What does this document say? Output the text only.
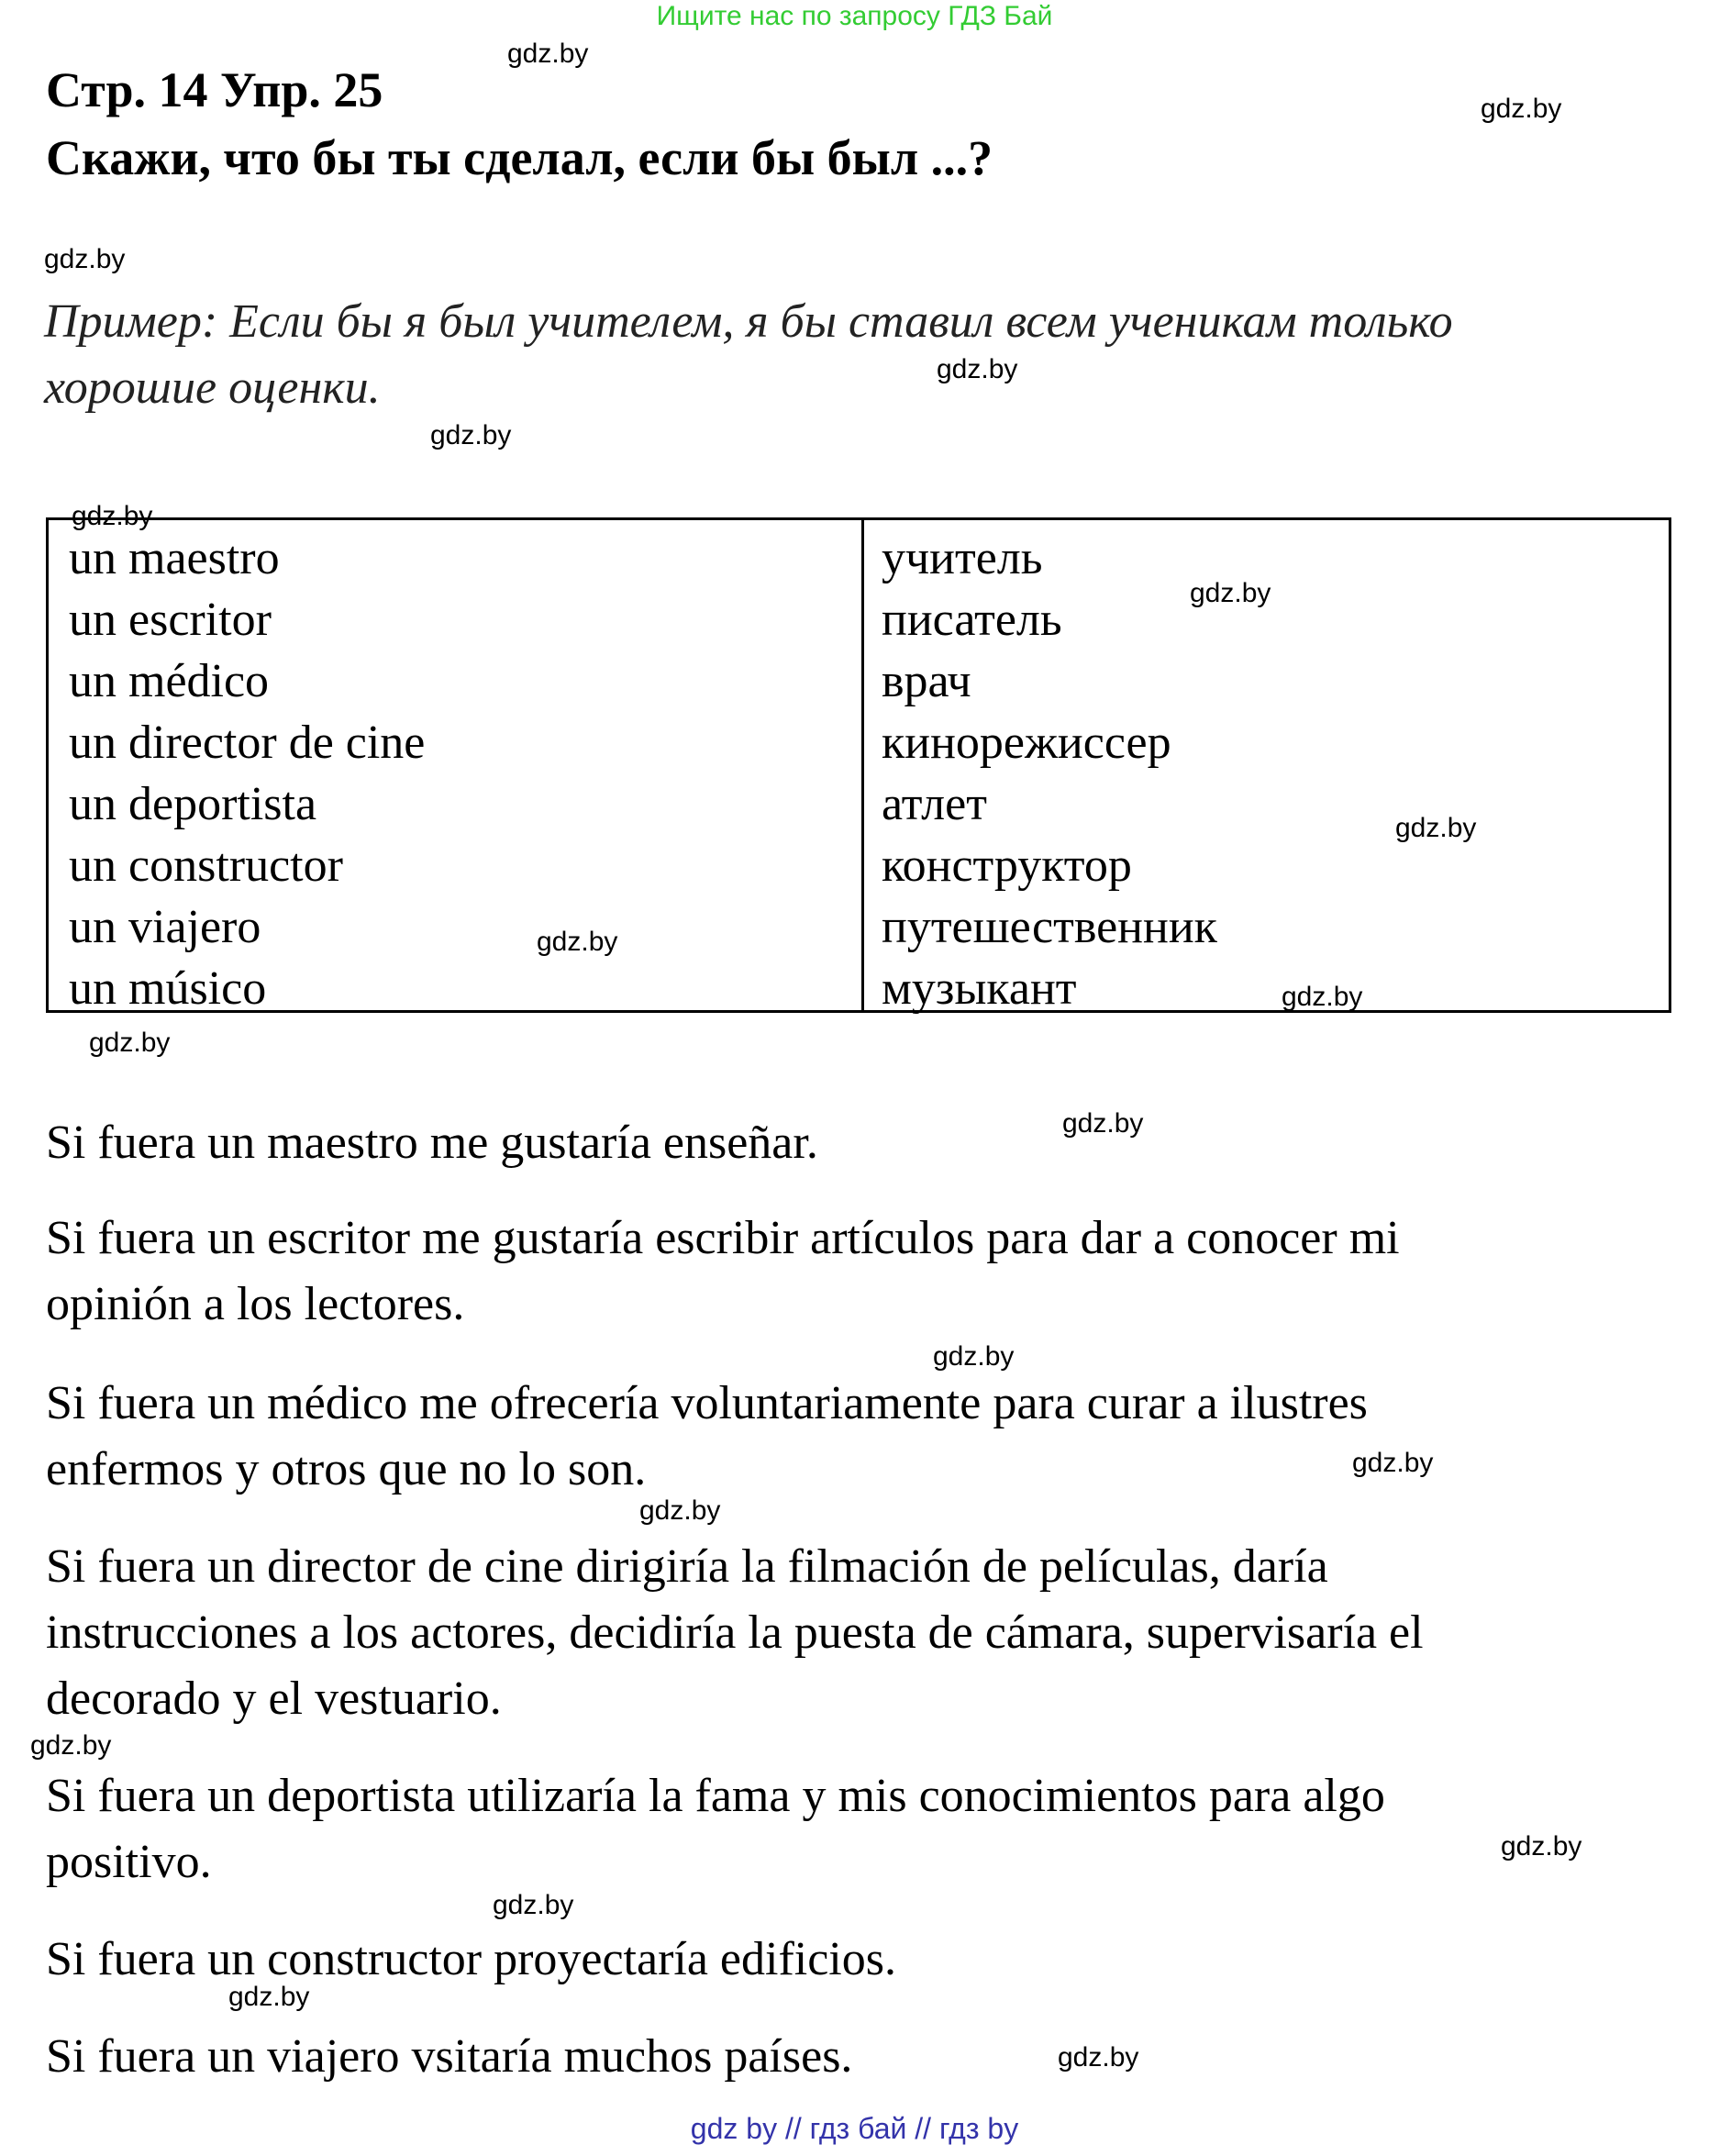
Ищите нас по запросу ГДЗ Бай
Стр. 14 Упр. 25
Скажи, что бы ты сделал, если бы был ...?
Пример: Если бы я был учителем, я бы ставил всем ученикам только
хорошие оценки.
un maestro
un escritor
un médico
un director de cine
un deportista
un constructor
un viajero
un músico
учитель
писатель
врач
кинорежиссер
атлет
конструктор
путешественник
музыкант
Si fuera un maestro me gustaría enseñar.
Si fuera un escritor me gustaría escribir artículos para dar a conocer mi
opinión a los lectores.
Si fuera un médico me ofrecería voluntariamente para curar a ilustres
enfermos y otros que no lo son.
Si fuera un director de cine dirigiría la filmación de películas, daría
instrucciones a los actores, decidiría la puesta de cámara, supervisaría el
decorado y el vestuario.
Si fuera un deportista utilizaría la fama y mis conocimientos para algo
positivo.
Si fuera un constructor proyectaría edificios.
Si fuera un viajero vsitaría muchos países.
gdz.by
gdz.by
gdz.by
gdz.by
gdz.by
gdz.by
gdz.by
gdz.by
gdz.by
gdz.by
gdz.by
gdz.by
gdz.by
gdz.by
gdz.by
gdz.by
gdz.by
gdz.by
gdz.by
gdz.by
gdz by // гдз бай // гдз by
